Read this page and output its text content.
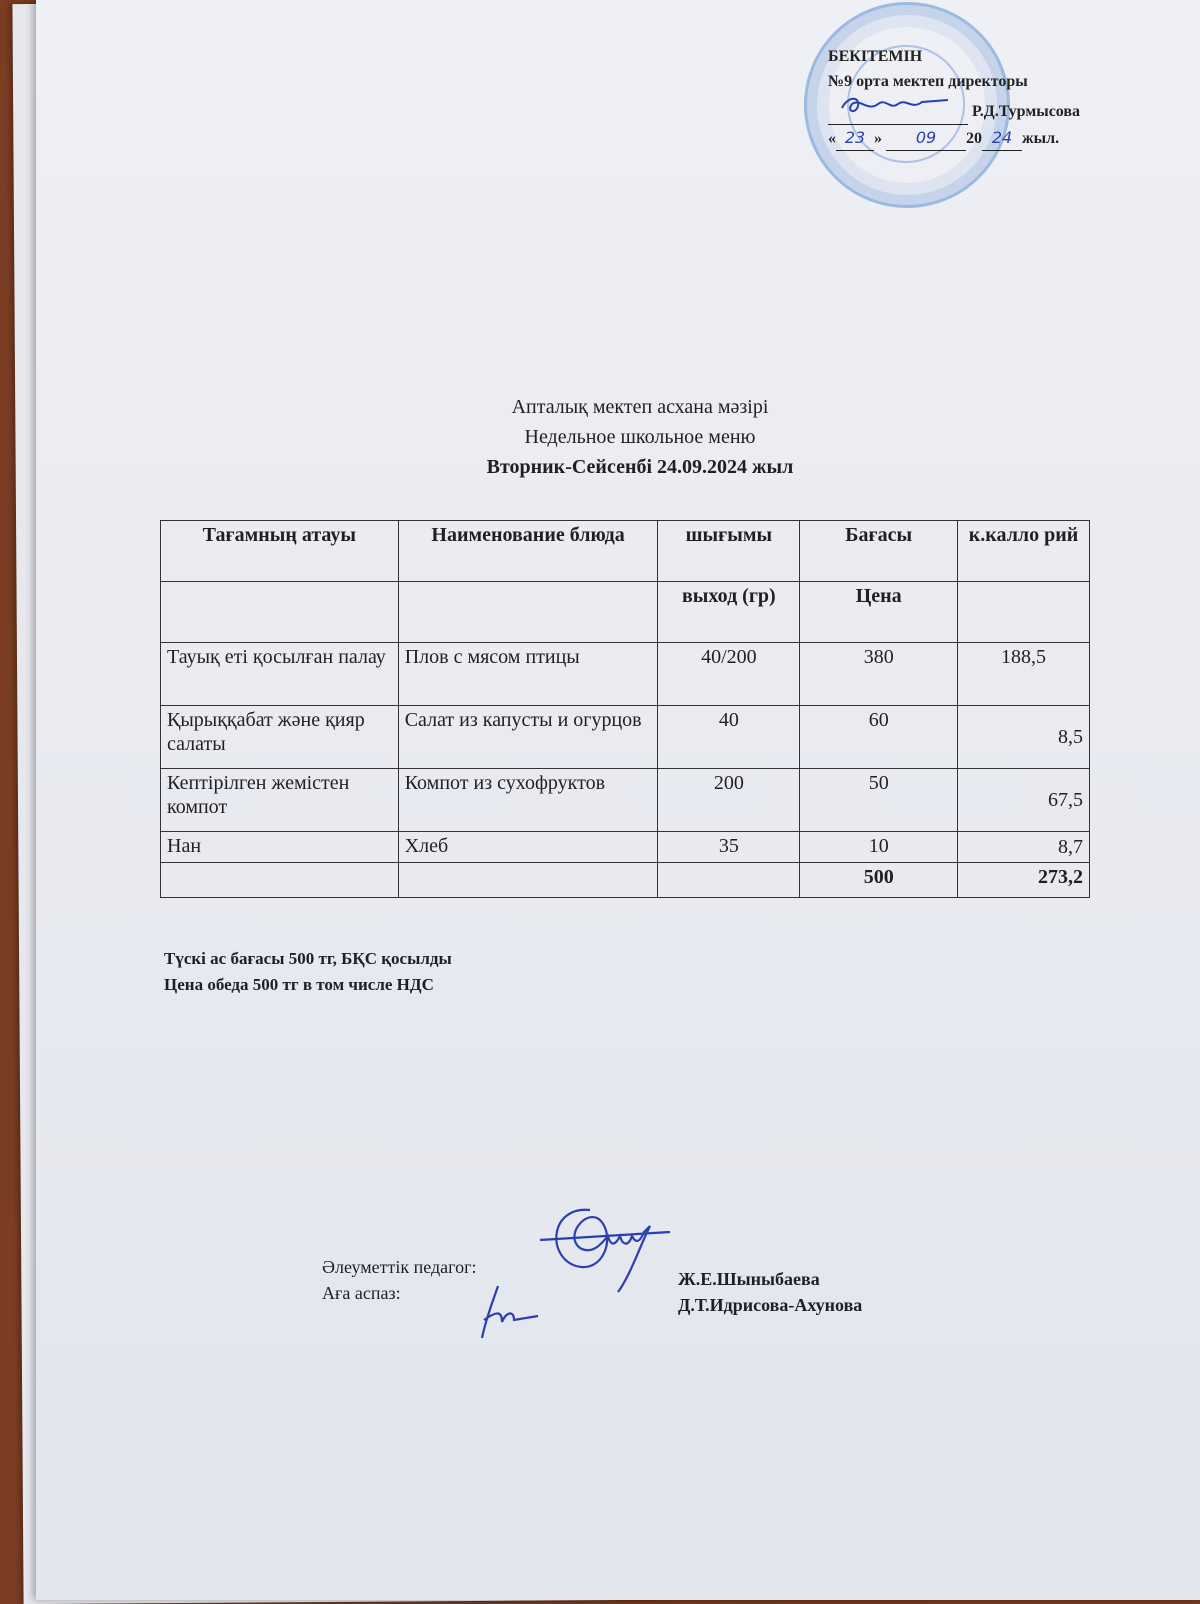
БЕКІТЕМІН
№9 орта мектеп директоры
Р.Д.Турмысова
« 23 » 09 20 24 жыл.
Апталық мектеп асхана мәзірі
Недельное школьное меню
Вторник-Сейсенбі 24.09.2024 жыл
Тағамның атауы	Наименование блюда	шығымы	Бағасы	к.калло рий
		выход (гр)	Цена	
Тауық еті қосылған палау	Плов с мясом птицы	40/200	380	188,5
Қырыққабат және қияр салаты	Салат из капусты и огурцов	40	60	8,5
Кептірілген жемістен компот	Компот из сухофруктов	200	50	67,5
Нан	Хлеб	35	10	8,7
			500	273,2
Түскі ас бағасы 500 тг, БҚС қосылды
Цена обеда 500 тг в том числе НДС
Әлеуметтік педагог:
Аға аспаз:
Ж.Е.Шыныбаева
Д.Т.Идрисова-Ахунова
